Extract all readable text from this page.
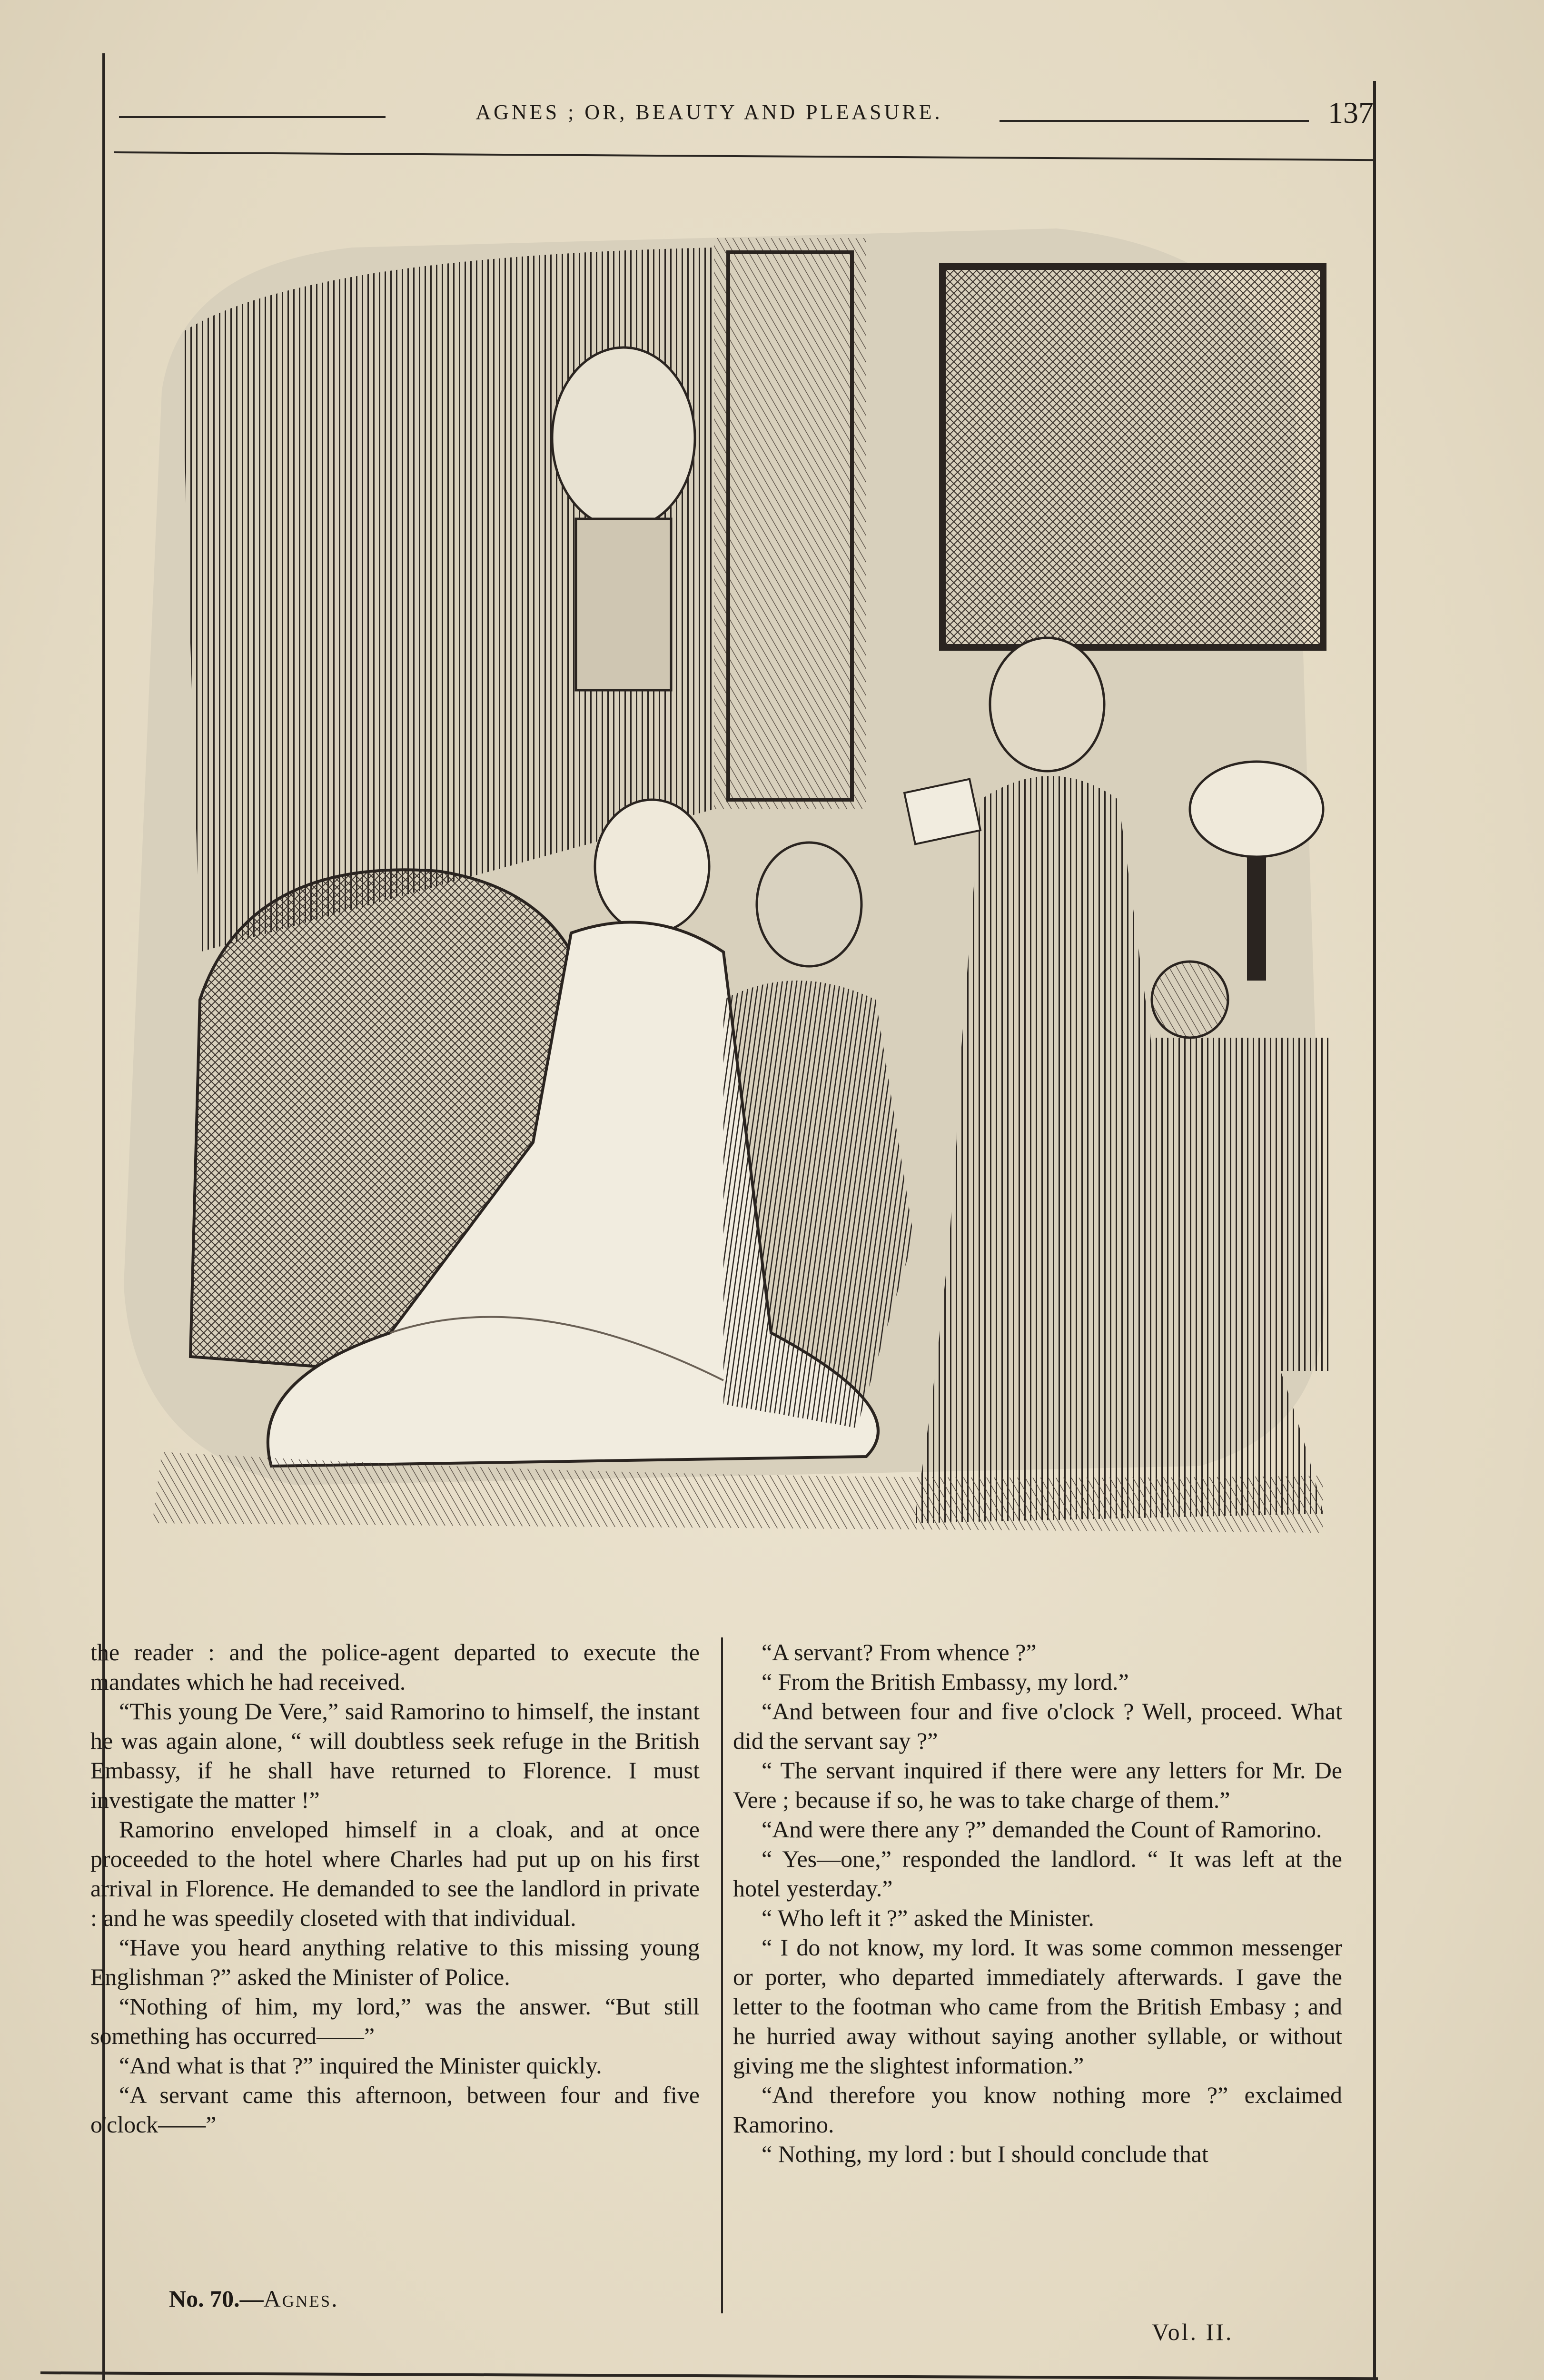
AGNES ; OR, BEAUTY AND PLEASURE.	137

the reader : and the police-agent departed to execute the mandates which he had received.

“This young De Vere,” said Ramorino to himself, the instant he was again alone, “ will doubtless seek refuge in the British Embassy, if he shall have returned to Florence. I must investigate the matter !”

Ramorino enveloped himself in a cloak, and at once proceeded to the hotel where Charles had put up on his first arrival in Florence. He demanded to see the landlord in private : and he was speedily closeted with that individual.

“Have you heard anything relative to this missing young Englishman ?” asked the Minister of Police.

“Nothing of him, my lord,” was the answer. “But still something has occurred——”

“And what is that ?” inquired the Minister quickly.

“A servant came this afternoon, between four and five o'clock——”

“A servant? From whence ?”

“ From the British Embassy, my lord.”

“And between four and five o'clock ? Well, proceed. What did the servant say ?”

“ The servant inquired if there were any letters for Mr. De Vere ; because if so, he was to take charge of them.”

“And were there any ?” demanded the Count of Ramorino.

“ Yes—one,” responded the landlord. “ It was left at the hotel yesterday.”

“ Who left it ?” asked the Minister.

“ I do not know, my lord. It was some common messenger or porter, who departed immediately afterwards. I gave the letter to the footman who came from the British Embasy ; and he hurried away without saying another syllable, or without giving me the slightest information.”

“And therefore you know nothing more ?” exclaimed Ramorino.

“ Nothing, my lord : but I should conclude that

No. 70.—Agnes.
Vol. II.
